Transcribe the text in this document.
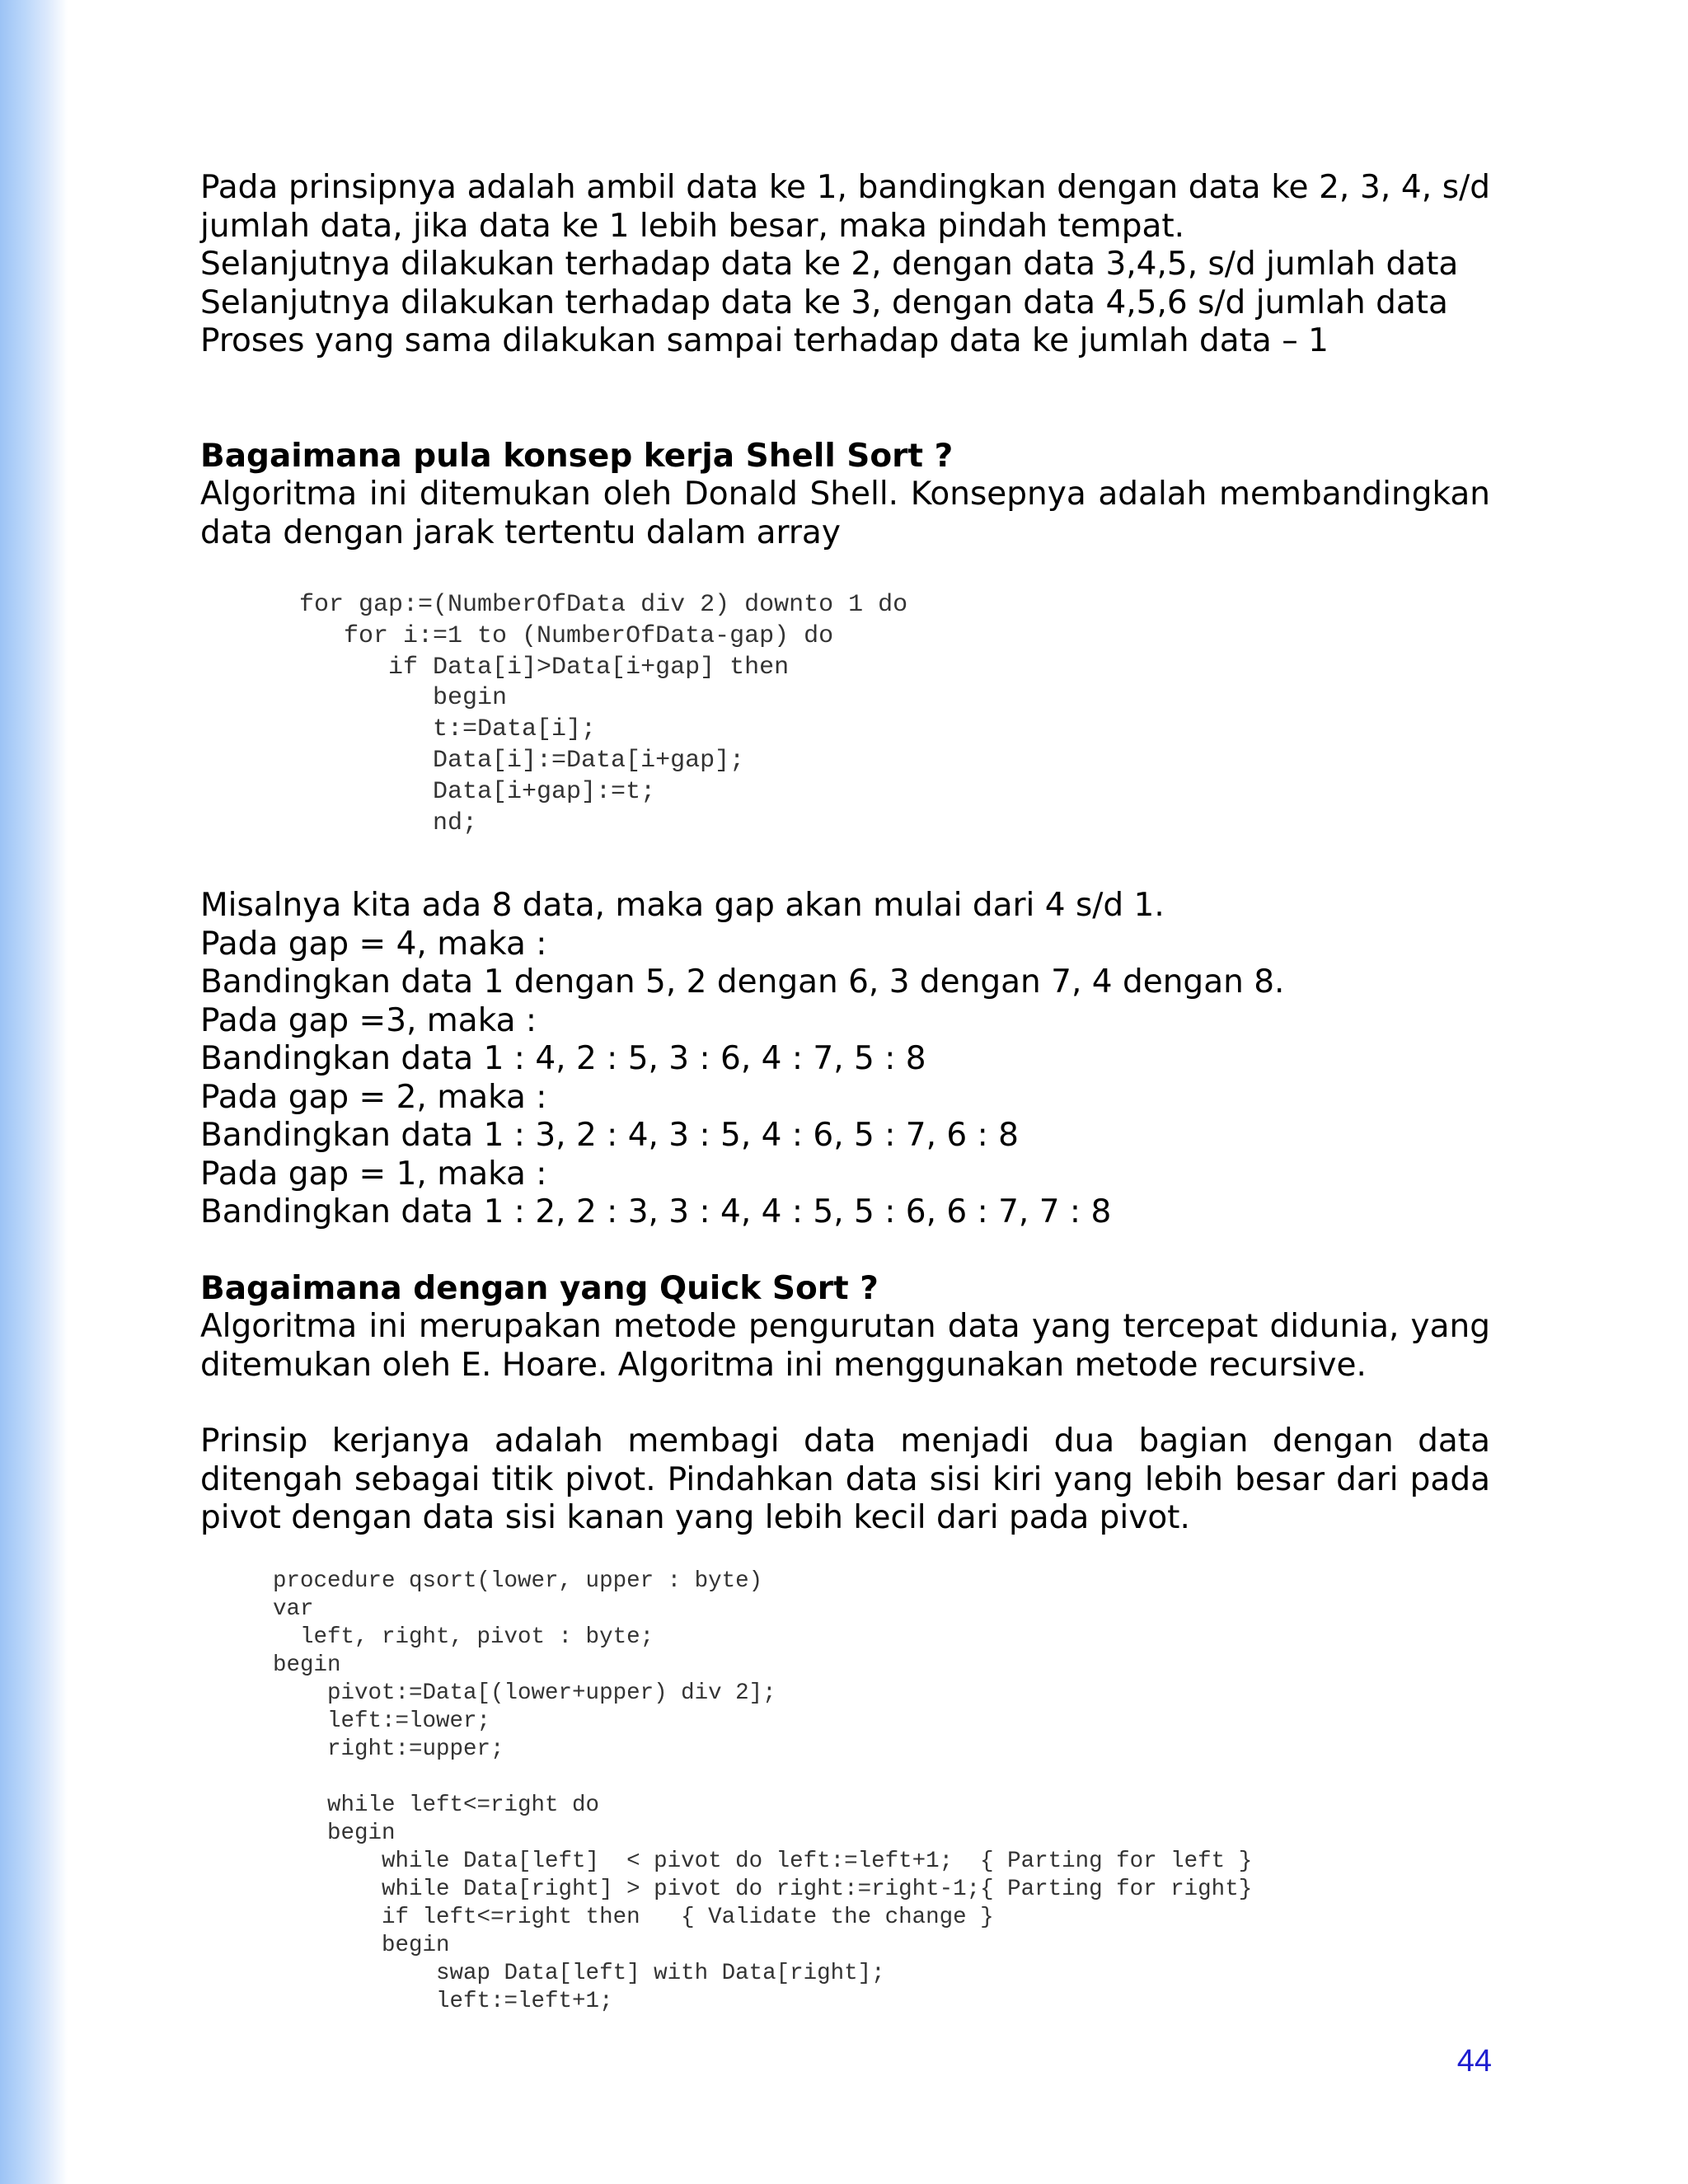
Pada prinsipnya adalah ambil data ke 1, bandingkan dengan data ke 2, 3, 4, s/d jumlah data, jika data ke 1 lebih besar, maka pindah tempat.

Selanjutnya dilakukan terhadap data ke 2, dengan data 3,4,5, s/d jumlah data

Selanjutnya dilakukan terhadap data ke 3, dengan data 4,5,6 s/d jumlah data

Proses yang sama dilakukan sampai terhadap data ke jumlah data – 1

Bagaimana pula konsep kerja Shell Sort ?

Algoritma ini ditemukan oleh Donald Shell. Konsepnya adalah membandingkan data dengan jarak tertentu dalam array

for gap:=(NumberOfData div 2) downto 1 do
for i:=1 to (NumberOfData-gap) do
if Data[i]>Data[i+gap] then
begin
t:=Data[i];
Data[i]:=Data[i+gap];
Data[i+gap]:=t;
nd;

Misalnya kita ada 8 data, maka gap akan mulai dari 4 s/d 1.

Pada gap = 4, maka :

Bandingkan data 1 dengan 5, 2 dengan 6, 3 dengan 7, 4 dengan 8.

Pada gap =3, maka :

Bandingkan data 1 : 4, 2 : 5, 3 : 6, 4 : 7, 5 : 8

Pada gap = 2, maka :

Bandingkan data 1 : 3, 2 : 4, 3 : 5, 4 : 6, 5 : 7, 6 : 8

Pada gap = 1, maka :

Bandingkan data 1 : 2, 2 : 3, 3 : 4, 4 : 5, 5 : 6, 6 : 7, 7 : 8

Bagaimana dengan yang Quick Sort ?

Algoritma ini merupakan metode pengurutan data yang tercepat didunia, yang ditemukan oleh E. Hoare. Algoritma ini menggunakan metode recursive.

Prinsip kerjanya adalah membagi data menjadi dua bagian dengan data ditengah sebagai titik pivot. Pindahkan data sisi kiri yang lebih besar dari pada pivot dengan data sisi kanan yang lebih kecil dari pada pivot.

procedure qsort(lower, upper : byte)
var
left, right, pivot : byte;
begin
pivot:=Data[(lower+upper) div 2];
left:=lower;
right:=upper;

while left<=right do
begin
while Data[left]  < pivot do left:=left+1;  { Parting for left }
while Data[right] > pivot do right:=right-1;{ Parting for right}
if left<=right then   { Validate the change }
begin
swap Data[left] with Data[right];
left:=left+1;
44
